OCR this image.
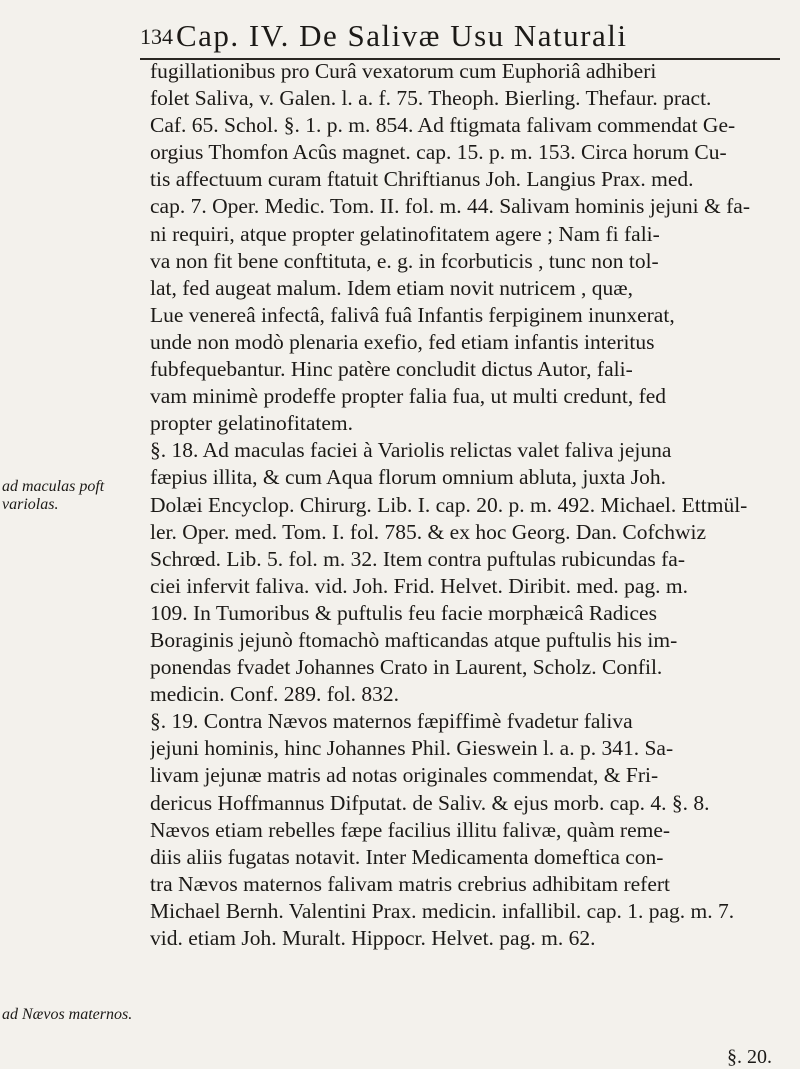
134 Cap. IV. De Salivæ Usu Naturali
ad maculas poft variolas.
ad Nævos maternos.
fugillationibus pro Curâ vexatorum cum Euphoriâ adhiberi
folet Saliva, v. Galen. l. a. f. 75. Theoph. Bierling. Thefaur. pract.
Caf. 65. Schol. §. 1. p. m. 854. Ad ftigmata falivam commendat Ge-
orgius Thomfon Acûs magnet. cap. 15. p. m. 153. Circa horum Cu-
tis affectuum curam ftatuit Chriftianus Joh. Langius Prax. med.
cap. 7. Oper. Medic. Tom. II. fol. m. 44. Salivam hominis jejuni & fa-
ni requiri, atque propter gelatinofitatem agere ; Nam fi fali-
va non fit bene conftituta, e. g. in fcorbuticis , tunc non tol-
lat, fed augeat malum. Idem etiam novit nutricem , quæ,
Lue venereâ infectâ, falivâ fuâ Infantis ferpiginem inunxerat,
unde non modò plenaria exefio, fed etiam infantis interitus
fubfequebantur. Hinc patère concludit dictus Autor, fali-
vam minimè prodeffe propter falia fua, ut multi credunt, fed
propter gelatinofitatem.
§. 18. Ad maculas faciei à Variolis relictas valet faliva jejuna
fæpius illita, & cum Aqua florum omnium abluta, juxta Joh.
Dolæi Encyclop. Chirurg. Lib. I. cap. 20. p. m. 492. Michael. Ettmül-
ler. Oper. med. Tom. I. fol. 785. & ex hoc Georg. Dan. Cofchwiz
Schrœd. Lib. 5. fol. m. 32. Item contra puftulas rubicundas fa-
ciei infervit faliva. vid. Joh. Frid. Helvet. Diribit. med. pag. m.
109. In Tumoribus & puftulis feu facie morphæicâ Radices
Boraginis jejunò ftomachò mafticandas atque puftulis his im-
ponendas fvadet Johannes Crato in Laurent, Scholz. Confil.
medicin. Conf. 289. fol. 832.
§. 19. Contra Nævos maternos fæpiffimè fvadetur faliva
jejuni hominis, hinc Johannes Phil. Gieswein l. a. p. 341. Sa-
livam jejunæ matris ad notas originales commendat, & Fri-
dericus Hoffmannus Difputat. de Saliv. & ejus morb. cap. 4. §. 8.
Nævos etiam rebelles fæpe facilius illitu falivæ, quàm reme-
diis aliis fugatas notavit. Inter Medicamenta domeftica con-
tra Nævos maternos falivam matris crebrius adhibitam refert
Michael Bernh. Valentini Prax. medicin. infallibil. cap. 1. pag. m. 7.
vid. etiam Joh. Muralt. Hippocr. Helvet. pag. m. 62.
§. 20.
